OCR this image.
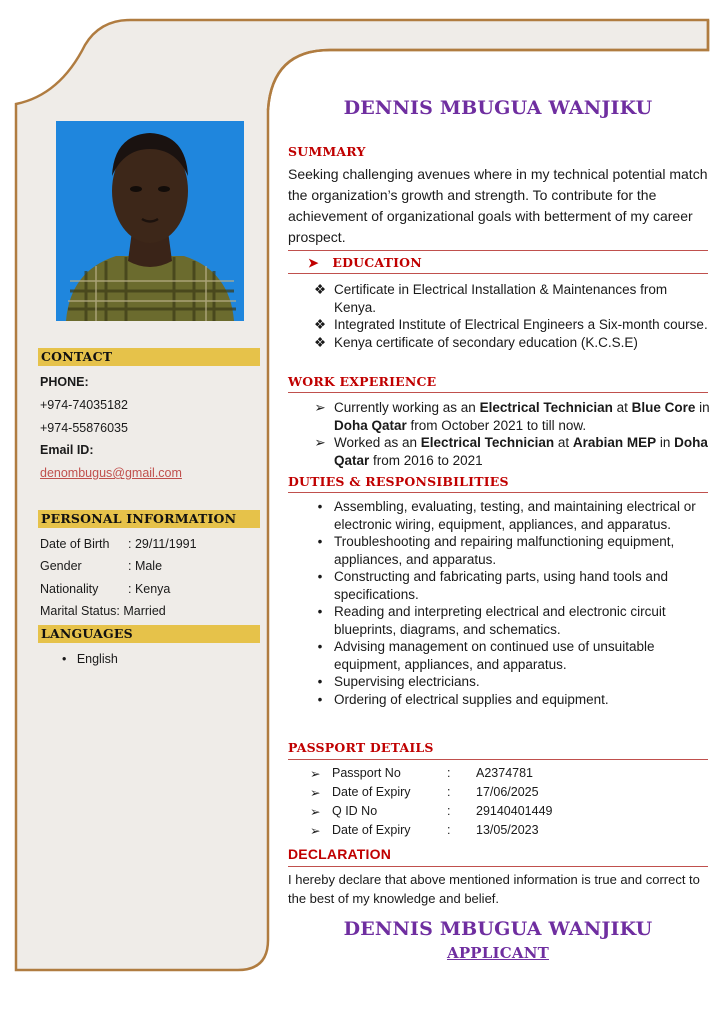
CONTACT
PHONE:
+974-74035182
+974-55876035
Email ID:
denombugus@gmail.com
PERSONAL INFORMATION
Date of Birth : 29/11/1991
Gender	: Male
Nationality : Kenya
Marital Status: Married
LANGUAGES
• English
DENNIS MBUGUA WANJIKU
SUMMARY
Seeking challenging avenues where in my technical potential match the organization’s growth and strength. To contribute for the achievement of organizational goals with betterment of my career prospect.
➤ EDUCATION
❖ Certificate in Electrical Installation & Maintenances from Kenya.
❖ Integrated Institute of Electrical Engineers a Six-month course.
❖ Kenya certificate of secondary education (K.C.S.E)
WORK EXPERIENCE
➢ Currently working as an Electrical Technician at Blue Core in Doha Qatar from October 2021 to till now.
➢ Worked as an Electrical Technician at Arabian MEP in Doha Qatar from 2016 to 2021
DUTIES & RESPONSIBILITIES
• Assembling, evaluating, testing, and maintaining electrical or electronic wiring, equipment, appliances, and apparatus.
• Troubleshooting and repairing malfunctioning equipment, appliances, and apparatus.
• Constructing and fabricating parts, using hand tools and specifications.
• Reading and interpreting electrical and electronic circuit blueprints, diagrams, and schematics.
• Advising management on continued use of unsuitable equipment, appliances, and apparatus.
• Supervising electricians.
• Ordering of electrical supplies and equipment.
PASSPORT DETAILS
➢ Passport No	: A2374781
➢ Date of Expiry	: 17/06/2025
➢ Q ID No	: 29140401449
➢ Date of Expiry	: 13/05/2023
DECLARATION
I hereby declare that above mentioned information is true and correct to the best of my knowledge and belief.
DENNIS MBUGUA WANJIKU
APPLICANT
